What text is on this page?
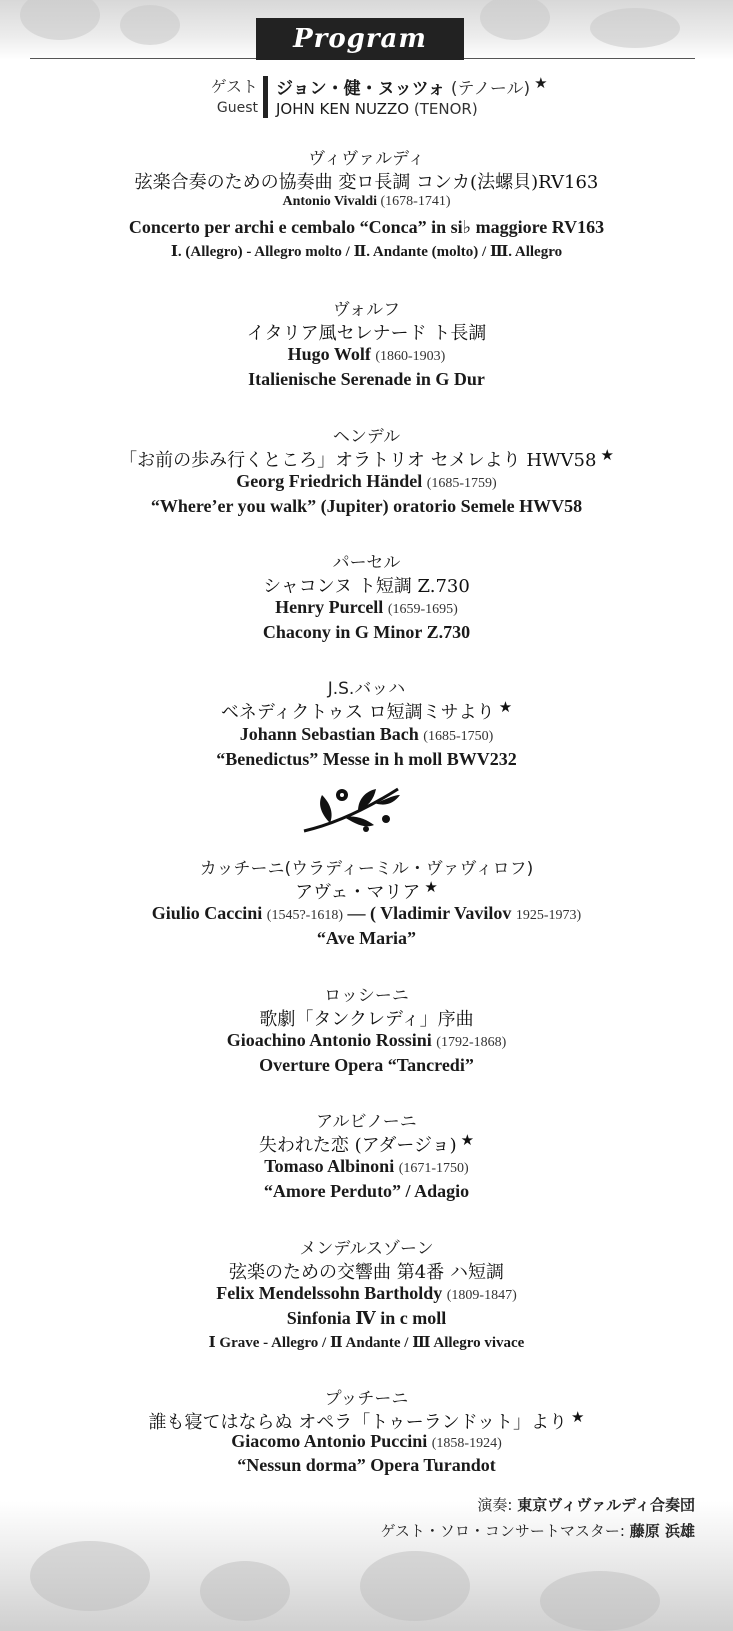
Program
ゲスト
Guest
ジョン・健・ヌッツォ (テノール) ★
JOHN KEN NUZZO (TENOR)
ヴィヴァルディ
弦楽合奏のための協奏曲 変ロ長調 コンカ(法螺貝)RV163
Antonio Vivaldi (1678-1741)
Concerto per archi e cembalo “Conca” in si♭ maggiore RV163
Ⅰ. (Allegro) - Allegro molto / Ⅱ. Andante (molto) / Ⅲ. Allegro
ヴォルフ
イタリア風セレナード ト長調
Hugo Wolf (1860-1903)
Italienische Serenade in G Dur
ヘンデル
「お前の歩み行くところ」オラトリオ セメレより HWV58 ★
Georg Friedrich Händel (1685-1759)
“Where’er you walk” (Jupiter) oratorio Semele HWV58
パーセル
シャコンヌ ト短調 Z.730
Henry Purcell (1659-1695)
Chacony in G Minor Z.730
J.S.バッハ
ベネディクトゥス ロ短調ミサより ★
Johann Sebastian Bach (1685-1750)
“Benedictus” Messe in h moll BWV232
カッチーニ(ウラディーミル・ヴァヴィロフ)
アヴェ・マリア ★
Giulio Caccini (1545?-1618) — ( Vladimir Vavilov 1925-1973)
“Ave Maria”
ロッシーニ
歌劇「タンクレディ」序曲
Gioachino Antonio Rossini (1792-1868)
Overture Opera “Tancredi”
アルビノーニ
失われた恋 (アダージョ) ★
Tomaso Albinoni (1671-1750)
“Amore Perduto” / Adagio
メンデルスゾーン
弦楽のための交響曲 第4番 ハ短調
Felix Mendelssohn Bartholdy (1809-1847)
Sinfonia Ⅳ in c moll
Ⅰ Grave - Allegro / Ⅱ Andante / Ⅲ Allegro vivace
プッチーニ
誰も寝てはならぬ オペラ「トゥーランドット」より ★
Giacomo Antonio Puccini (1858-1924)
“Nessun dorma” Opera Turandot
演奏: 東京ヴィヴァルディ合奏団
ゲスト・ソロ・コンサートマスター: 藤原 浜雄
